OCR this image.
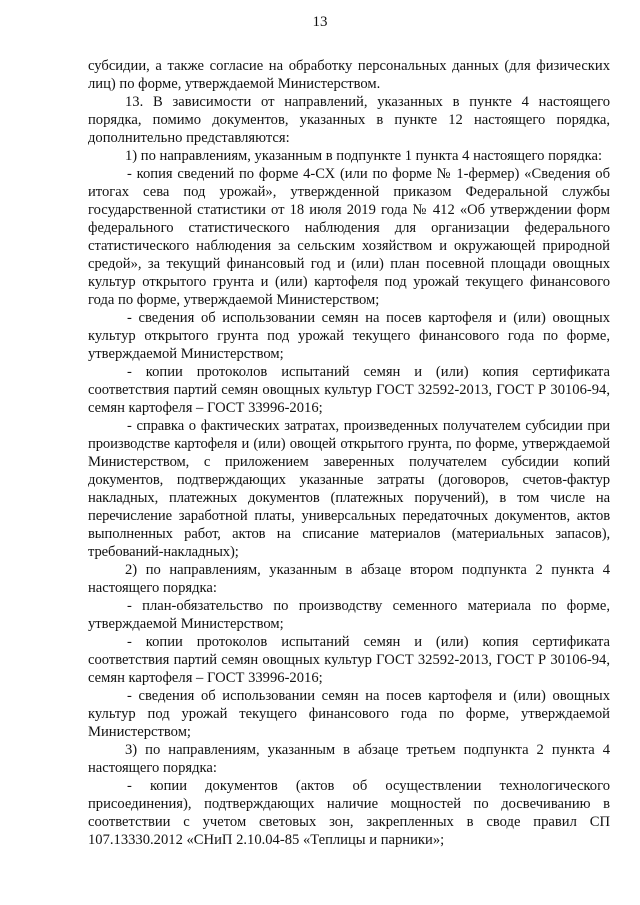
13

субсидии, а также согласие на обработку персональных данных (для физических лиц) по форме, утверждаемой Министерством.

13. В зависимости от направлений, указанных в пункте 4 настоящего порядка, помимо документов, указанных в пункте 12 настоящего порядка, дополнительно представляются:

1) по направлениям, указанным в подпункте 1 пункта 4 настоящего порядка:

- копия сведений по форме 4-СХ (или по форме № 1-фермер) «Сведения об итогах сева под урожай», утвержденной приказом Федеральной службы государственной статистики от 18 июля 2019 года № 412 «Об утверждении форм федерального статистического наблюдения для организации федерального статистического наблюдения за сельским хозяйством и окружающей природной средой», за текущий финансовый год и (или) план посевной площади овощных культур открытого грунта и (или) картофеля под урожай текущего финансового года по форме, утверждаемой Министерством;

- сведения об использовании семян на посев картофеля и (или) овощных культур открытого грунта под урожай текущего финансового года по форме, утверждаемой Министерством;

- копии протоколов испытаний семян и (или) копия сертификата соответствия партий семян овощных культур ГОСТ 32592-2013, ГОСТ Р 30106-94, семян картофеля – ГОСТ 33996-2016;

- справка о фактических затратах, произведенных получателем субсидии при производстве картофеля и (или) овощей открытого грунта, по форме, утверждаемой Министерством, с приложением заверенных получателем субсидии копий документов, подтверждающих указанные затраты (договоров, счетов-фактур накладных, платежных документов (платежных поручений), в том числе на перечисление заработной платы, универсальных передаточных документов, актов выполненных работ, актов на списание материалов (материальных запасов), требований-накладных);

2) по направлениям, указанным в абзаце втором подпункта 2 пункта 4 настоящего порядка:

- план-обязательство по производству семенного материала по форме, утверждаемой Министерством;

- копии протоколов испытаний семян и (или) копия сертификата соответствия партий семян овощных культур ГОСТ 32592-2013, ГОСТ Р 30106-94, семян картофеля – ГОСТ 33996-2016;

- сведения об использовании семян на посев картофеля и (или) овощных культур под урожай текущего финансового года по форме, утверждаемой Министерством;

3) по направлениям, указанным в абзаце третьем подпункта 2 пункта 4 настоящего порядка:

- копии документов (актов об осуществлении технологического присоединения), подтверждающих наличие мощностей по досвечиванию в соответствии с учетом световых зон, закрепленных в своде правил СП 107.13330.2012 «СНиП 2.10.04-85 «Теплицы и парники»;
